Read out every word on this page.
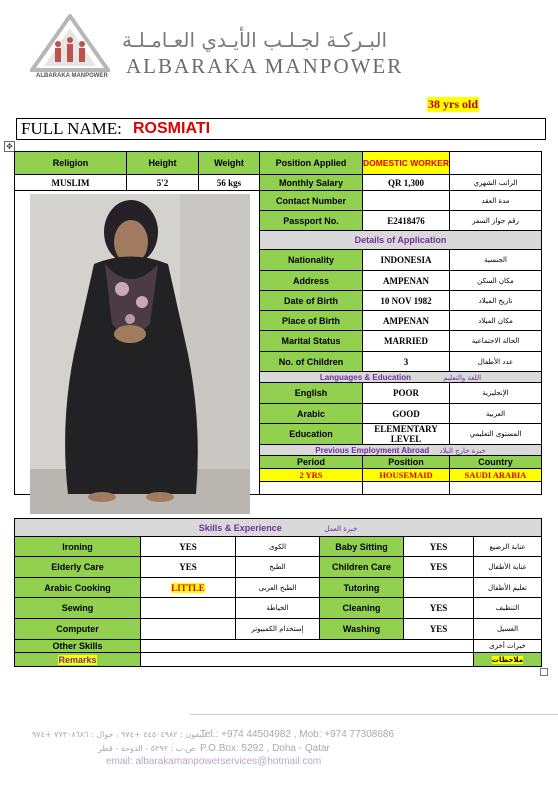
ALBARAKA MANPOWER
البـركـة لجـلـب الأيـدي العـامـلـة
ALBARAKA MANPOWER
38 yrs old
FULL NAME: ROSMIATI
✥
Religion	Height	Weight	Position Applied	DOMESTIC WORKER	
MUSLIM	5'2	56 kgs	Monthly Salary	QR 1,300	الراتب الشهري
			Contact Number		مدة العقد
			Passport No.	E2418476	رقم جواز السفر
			Details of Application		
			Nationality	INDONESIA	الجنسية
			Address	AMPENAN	مكان السكن
			Date of Birth	10 NOV 1982	تاريخ الميلاد
			Place of Birth	AMPENAN	مكان الميلاد
			Marital Status	MARRIED	الحالة الاجتماعية
			No. of Children	3	عدد الأطفال
			Languages & Education اللغة والتعليم		
			English	POOR	الإنجليزية
			Arabic	GOOD	العربية
			Education	ELEMENTARY LEVEL	المستوى التعليمي
			Previous Employment Abroad خبرة خارج البلاد		
			Period	Position	Country
			2 YRS	HOUSEMAID	SAUDI ARABIA

Skills & Experience خبرة العمل					
Ironing	YES	الكوى	Baby Sitting	YES	عناية الرضيع
Elderly Care	YES	الطبخ	Children Care	YES	عناية الأطفال
Arabic Cooking	LITTLE	الطبخ العربى	Tutoring		تعليم الأطفال
Sewing		الخياطة	Cleaning	YES	التنظيف
Computer		إستخدام الكمبيوتر	Washing	YES	الغسيل
Other Skills					خبرات أخرى
Remarks					ملاحظات
تليفون : ٤٤٥٠٤٩٨٢ +٩٧٤ ، جوال : ٧٧٣٠٨٦٨٦ +٩٧٤
Tel.: +974 44504982 , Mob: +974 77308686
ص.ب : ٥٢٩٢ - الدوحة - قطر P.O.Box: 5292 , Doha - Qatar
email: albarakamanpowerservices@hotmail.com
